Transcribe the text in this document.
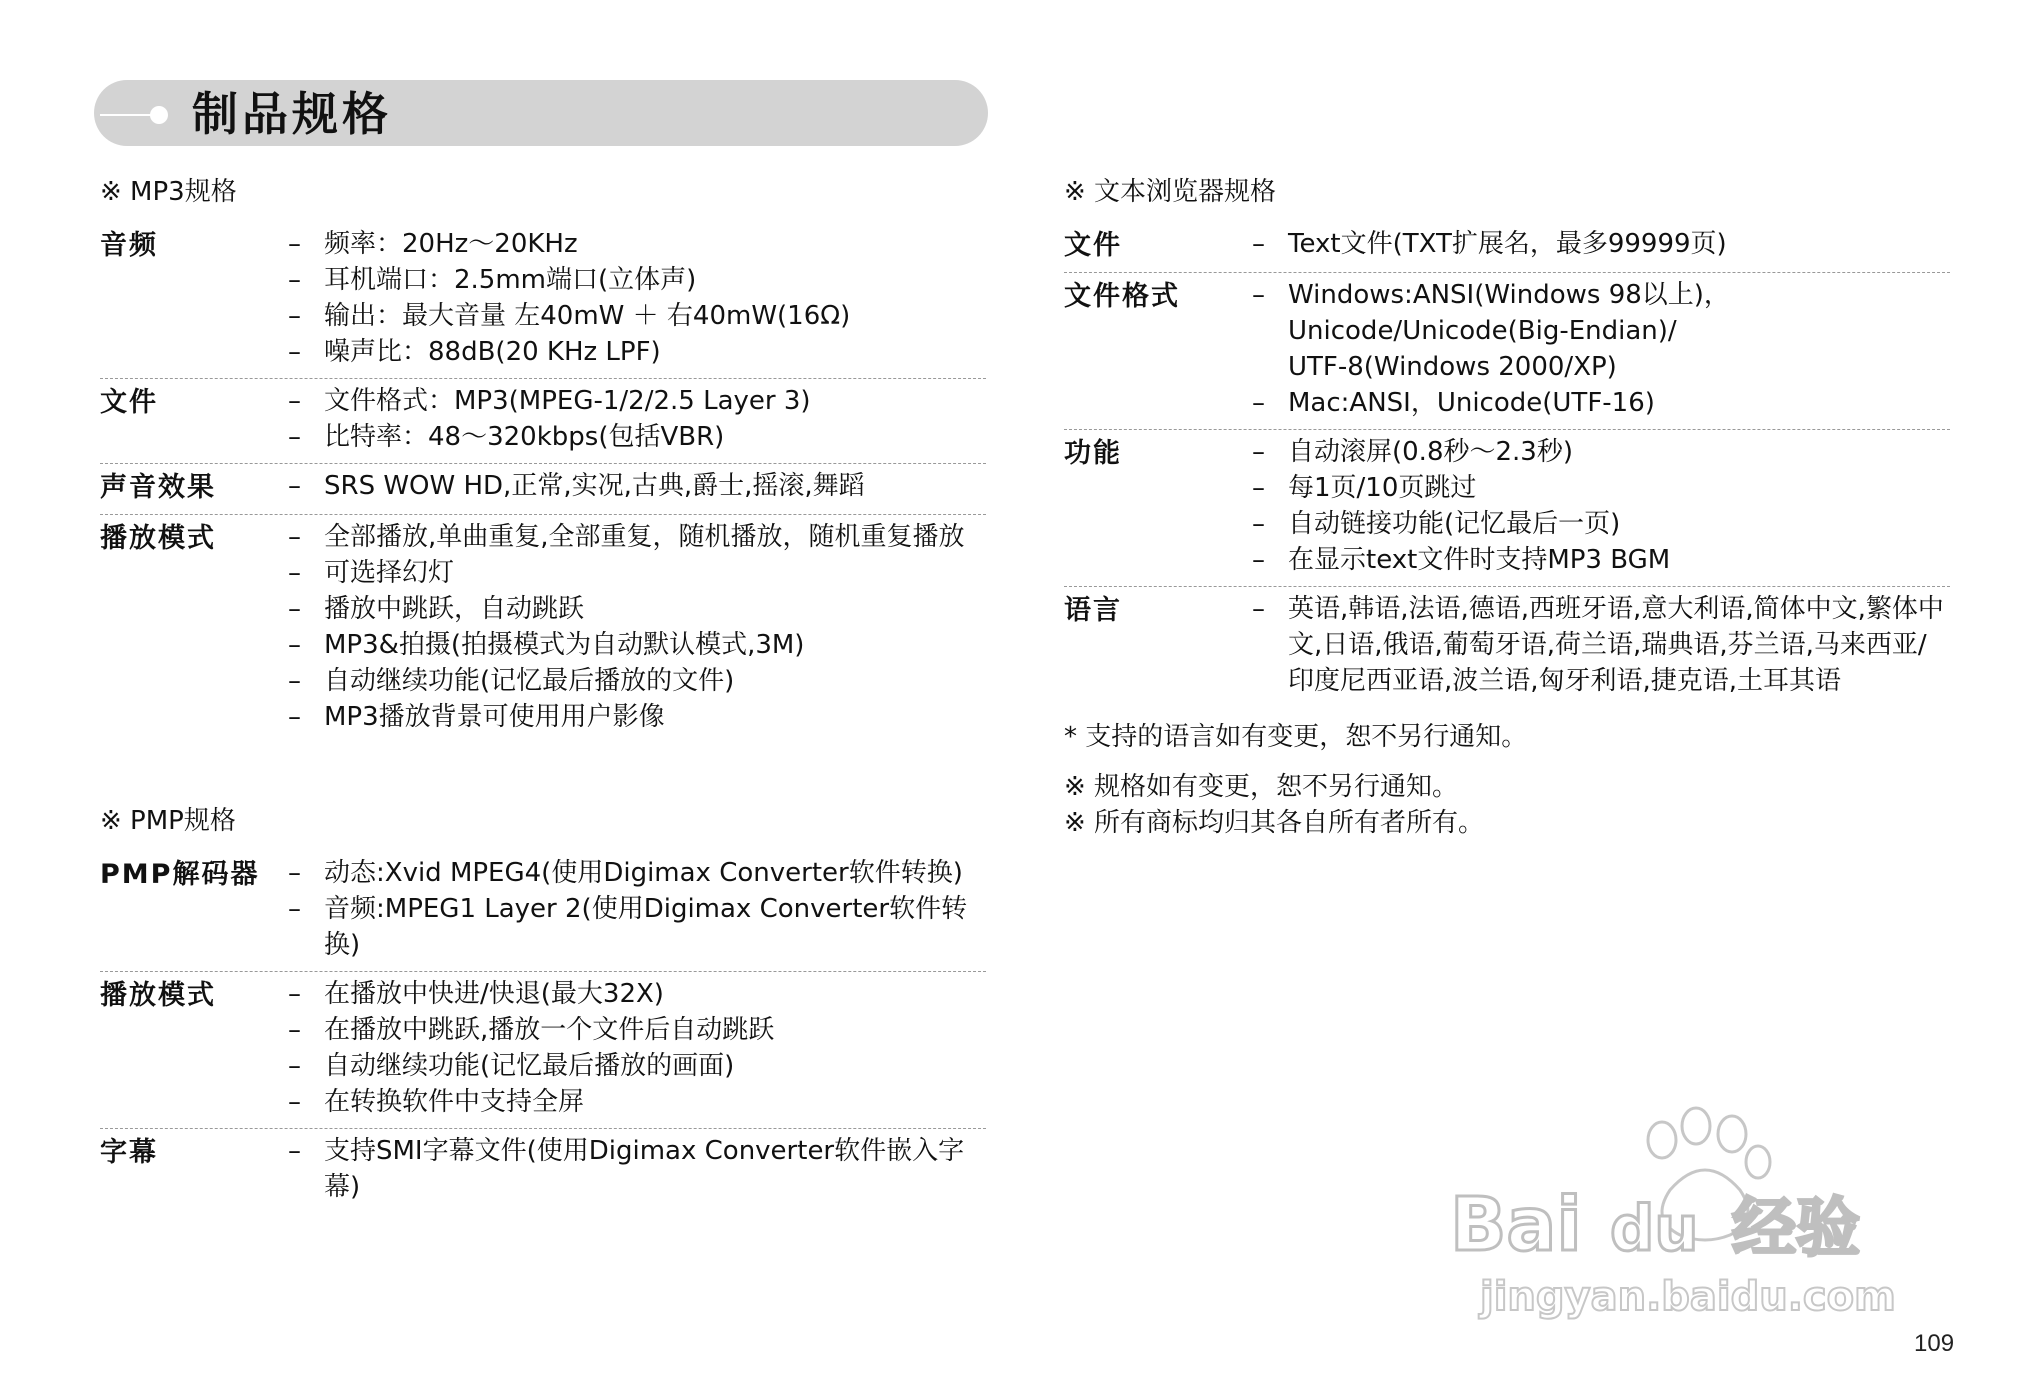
制品规格
※ MP3规格
音频	– 频率：20Hz～20KHz
– 耳机端口：2.5mm端口(立体声)
– 输出：最大音量 左40mW ＋ 右40mW(16Ω)
– 噪声比：88dB(20 KHz LPF)
文件	– 文件格式：MP3(MPEG-1/2/2.5 Layer 3)
– 比特率：48～320kbps(包括VBR)
声音效果	– SRS WOW HD,正常,实况,古典,爵士,摇滚,舞蹈
播放模式	– 全部播放,单曲重复,全部重复，随机播放，随机重复播放
– 可选择幻灯
– 播放中跳跃，自动跳跃
– MP3&拍摄(拍摄模式为自动默认模式,3M)
– 自动继续功能(记忆最后播放的文件)
– MP3播放背景可使用用户影像
※ PMP规格
PMP解码器	– 动态:Xvid MPEG4(使用Digimax Converter软件转换)
– 音频:MPEG1 Layer 2(使用Digimax Converter软件转换)
播放模式	– 在播放中快进/快退(最大32X)
– 在播放中跳跃,播放一个文件后自动跳跃
– 自动继续功能(记忆最后播放的画面)
– 在转换软件中支持全屏
字幕	– 支持SMI字幕文件(使用Digimax Converter软件嵌入字幕)
※ 文本浏览器规格
文件	– Text文件(TXT扩展名，最多99999页)
文件格式	– Windows:ANSI(Windows 98以上)，
Unicode/Unicode(Big-Endian)/
UTF-8(Windows 2000/XP)
– Mac:ANSI，Unicode(UTF-16)
功能	– 自动滚屏(0.8秒～2.3秒)
– 每1页/10页跳过
– 自动链接功能(记忆最后一页)
– 在显示text文件时支持MP3 BGM
语言	– 英语,韩语,法语,德语,西班牙语,意大利语,简体中文,繁体中文,日语,俄语,葡萄牙语,荷兰语,瑞典语,芬兰语,马来西亚/印度尼西亚语,波兰语,匈牙利语,捷克语,土耳其语
* 支持的语言如有变更，恕不另行通知。
※ 规格如有变更，恕不另行通知。
※ 所有商标均归其各自所有者所有。
Bai du 经验
jingyan.baidu.com
109
